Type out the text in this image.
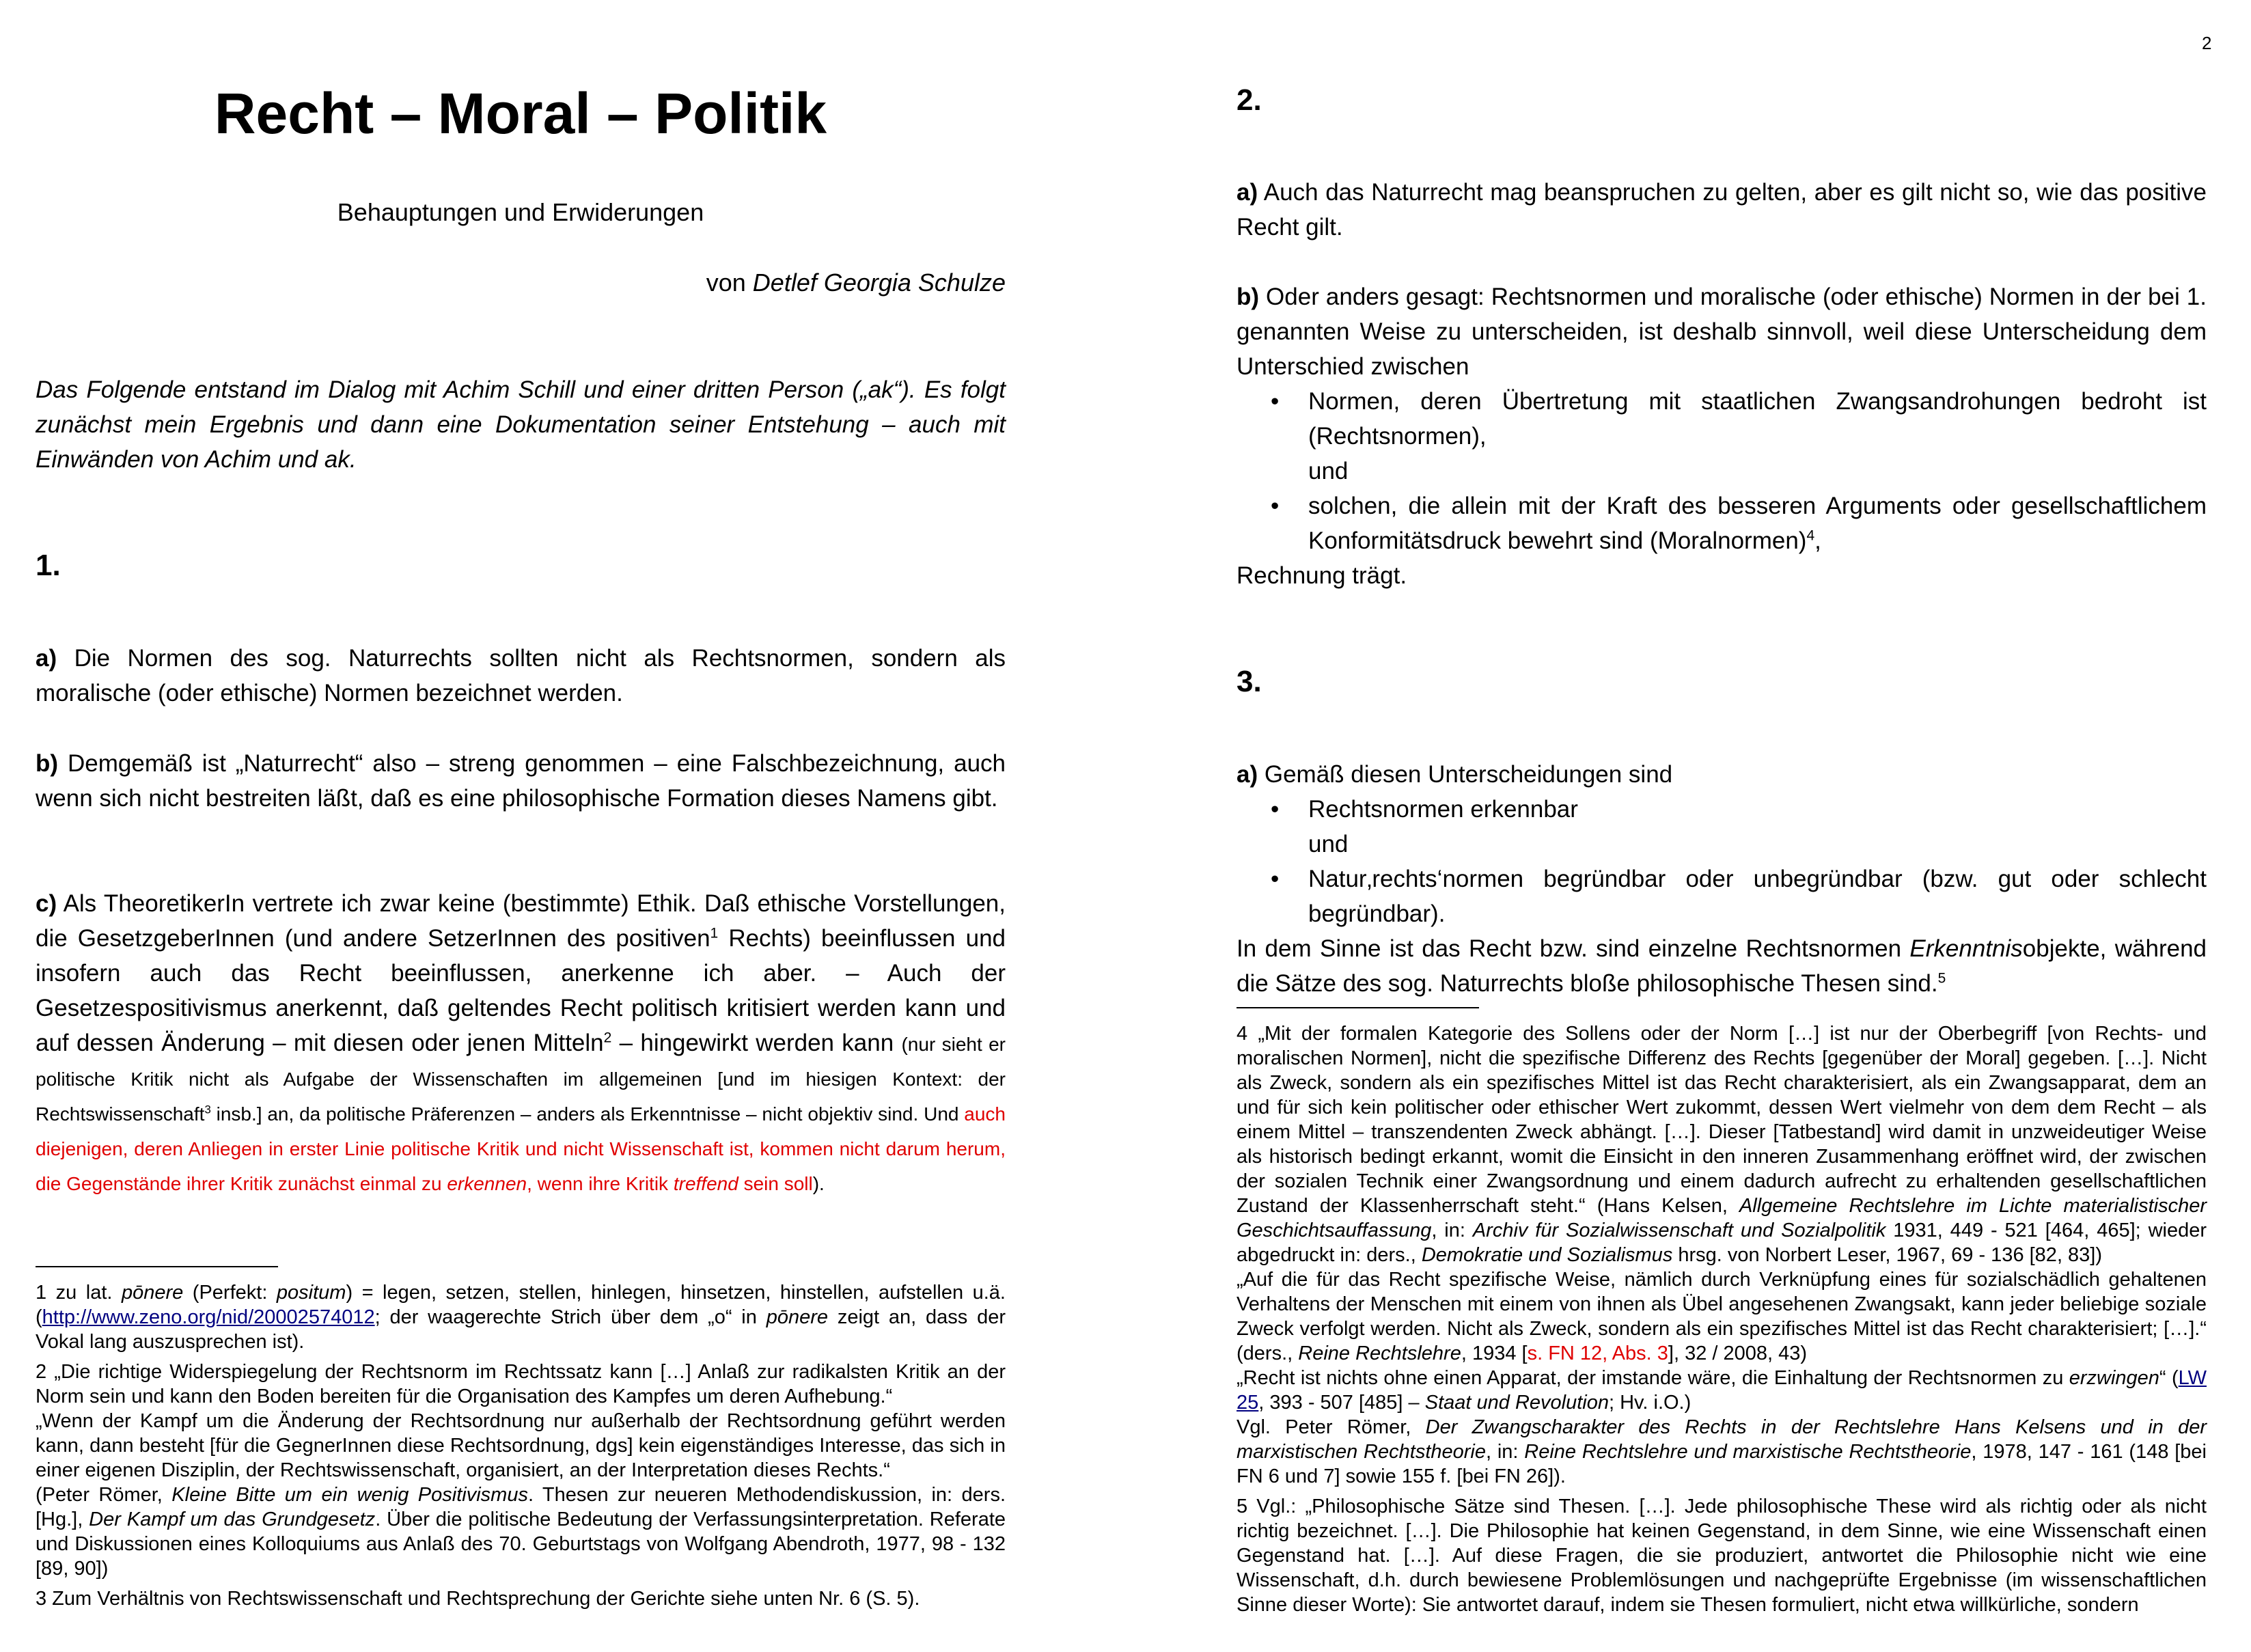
2
Recht – Moral – Politik
Behauptungen und Erwiderungen
von Detlef Georgia Schulze
Das Folgende entstand im Dialog mit Achim Schill und einer dritten Person („ak“). Es folgt zunächst mein Ergebnis und dann eine Dokumentation seiner Entstehung – auch mit Einwänden von Achim und ak.
1.
a) Die Normen des sog. Naturrechts sollten nicht als Rechtsnormen, sondern als moralische (oder ethische) Normen bezeichnet werden.
b) Demgemäß ist „Naturrecht“ also – streng genommen – eine Falschbezeichnung, auch wenn sich nicht bestreiten läßt, daß es eine philosophische Formation dieses Namens gibt.
c) Als TheoretikerIn vertrete ich zwar keine (bestimmte) Ethik. Daß ethische Vorstellungen, die GesetzgeberInnen (und andere SetzerInnen des positiven$^1$ Rechts) beeinflussen und insofern auch das Recht beeinflussen, anerkenne ich aber. – Auch der Gesetzespositivismus anerkennt, daß geltendes Recht politisch kritisiert werden kann und auf dessen Änderung – mit diesen oder jenen Mitteln$^2$ – hingewirkt werden kann (nur sieht er politische Kritik nicht als Aufgabe der Wissenschaften im allgemeinen [und im hiesigen Kontext: der Rechtswissenschaft$^3$ insb.] an, da politische Präferenzen – anders als Erkenntnisse – nicht objektiv sind. Und auch diejenigen, deren Anliegen in erster Linie politische Kritik und nicht Wissenschaft ist, kommen nicht darum herum, die Gegenstände ihrer Kritik zunächst einmal zu erkennen, wenn ihre Kritik treffend sein soll).

1 zu lat. pōnere (Perfekt: positum) = legen, setzen, stellen, hinlegen, hinsetzen, hinstellen, aufstellen u.ä. (http://www.zeno.org/nid/20002574012; der waagerechte Strich über dem „o“ in pōnere zeigt an, dass der Vokal lang auszusprechen ist).

2 „Die richtige Widerspiegelung der Rechtsnorm im Rechtssatz kann […] Anlaß zur radikalsten Kritik an der Norm sein und kann den Boden bereiten für die Organisation des Kampfes um deren Aufhebung.“

„Wenn der Kampf um die Änderung der Rechtsordnung nur außerhalb der Rechtsordnung geführt werden kann, dann besteht [für die GegnerInnen diese Rechtsordnung, dgs] kein eigenständiges Interesse, das sich in einer eigenen Disziplin, der Rechtswissenschaft, organisiert, an der Interpretation dieses Rechts.“

(Peter Römer, Kleine Bitte um ein wenig Positivismus. Thesen zur neueren Methodendiskussion, in: ders. [Hg.], Der Kampf um das Grundgesetz. Über die politische Bedeutung der Verfassungsinterpretation. Referate und Diskussionen eines Kolloquiums aus Anlaß des 70. Geburtstags von Wolfgang Abendroth, 1977, 98 - 132 [89, 90])

3 Zum Verhältnis von Rechtswissenschaft und Rechtsprechung der Gerichte siehe unten Nr. 6 (S. 5).

2.
a) Auch das Naturrecht mag beanspruchen zu gelten, aber es gilt nicht so, wie das positive Recht gilt.
b) Oder anders gesagt: Rechtsnormen und moralische (oder ethische) Normen in der bei 1. genannten Weise zu unterscheiden, ist deshalb sinnvoll, weil diese Unterscheidung dem Unterschied zwischen
• Normen, deren Übertretung mit staatlichen Zwangsandrohungen bedroht ist (Rechtsnormen),
und
• solchen, die allein mit der Kraft des besseren Arguments oder gesellschaftlichem Konformitätsdruck bewehrt sind (Moralnormen)$^4$,
Rechnung trägt.
3.
a) Gemäß diesen Unterscheidungen sind
• Rechtsnormen erkennbar
und
• Natur‚rechts‘normen begründbar oder unbegründbar (bzw. gut oder schlecht begründbar).
In dem Sinne ist das Recht bzw. sind einzelne Rechtsnormen Erkenntnisobjekte, während die Sätze des sog. Naturrechts bloße philosophische Thesen sind.$^5$

4 „Mit der formalen Kategorie des Sollens oder der Norm […] ist nur der Oberbegriff [von Rechts- und moralischen Normen], nicht die spezifische Differenz des Rechts [gegenüber der Moral] gegeben. […]. Nicht als Zweck, sondern als ein spezifisches Mittel ist das Recht charakterisiert, als ein Zwangsapparat, dem an und für sich kein politischer oder ethischer Wert zukommt, dessen Wert vielmehr von dem dem Recht – als einem Mittel – transzendenten Zweck abhängt. […]. Dieser [Tatbestand] wird damit in unzweideutiger Weise als historisch bedingt erkannt, womit die Einsicht in den inneren Zusammenhang eröffnet wird, der zwischen der sozialen Technik einer Zwangsordnung und einem dadurch aufrecht zu erhaltenden gesellschaftlichen Zustand der Klassenherrschaft steht.“ (Hans Kelsen, Allgemeine Rechtslehre im Lichte materialistischer Geschichtsauffassung, in: Archiv für Sozialwissenschaft und Sozialpolitik 1931, 449 - 521 [464, 465]; wieder abgedruckt in: ders., Demokratie und Sozialismus hrsg. von Norbert Leser, 1967, 69 - 136 [82, 83])

„Auf die für das Recht spezifische Weise, nämlich durch Verknüpfung eines für sozialschädlich gehaltenen Verhaltens der Menschen mit einem von ihnen als Übel angesehenen Zwangsakt, kann jeder beliebige soziale Zweck verfolgt werden. Nicht als Zweck, sondern als ein spezifisches Mittel ist das Recht charakterisiert; […].“ (ders., Reine Rechtslehre, 1934 [s. FN 12, Abs. 3], 32 / 2008, 43)

„Recht ist nichts ohne einen Apparat, der imstande wäre, die Einhaltung der Rechtsnormen zu erzwingen“ (LW 25, 393 - 507 [485] – Staat und Revolution; Hv. i.O.)

Vgl. Peter Römer, Der Zwangscharakter des Rechts in der Rechtslehre Hans Kelsens und in der marxistischen Rechtstheorie, in: Reine Rechtslehre und marxistische Rechtstheorie, 1978, 147 - 161 (148 [bei FN 6 und 7] sowie 155 f. [bei FN 26]).

5 Vgl.: „Philosophische Sätze sind Thesen. […]. Jede philosophische These wird als richtig oder als nicht richtig bezeichnet. […]. Die Philosophie hat keinen Gegenstand, in dem Sinne, wie eine Wissenschaft einen Gegenstand hat. […]. Auf diese Fragen, die sie produziert, antwortet die Philosophie nicht wie eine Wissenschaft, d.h. durch bewiesene Problemlösungen und nachgeprüfte Ergebnisse (im wissenschaftlichen Sinne dieser Worte): Sie antwortet darauf, indem sie Thesen formuliert, nicht etwa willkürliche, sondern
